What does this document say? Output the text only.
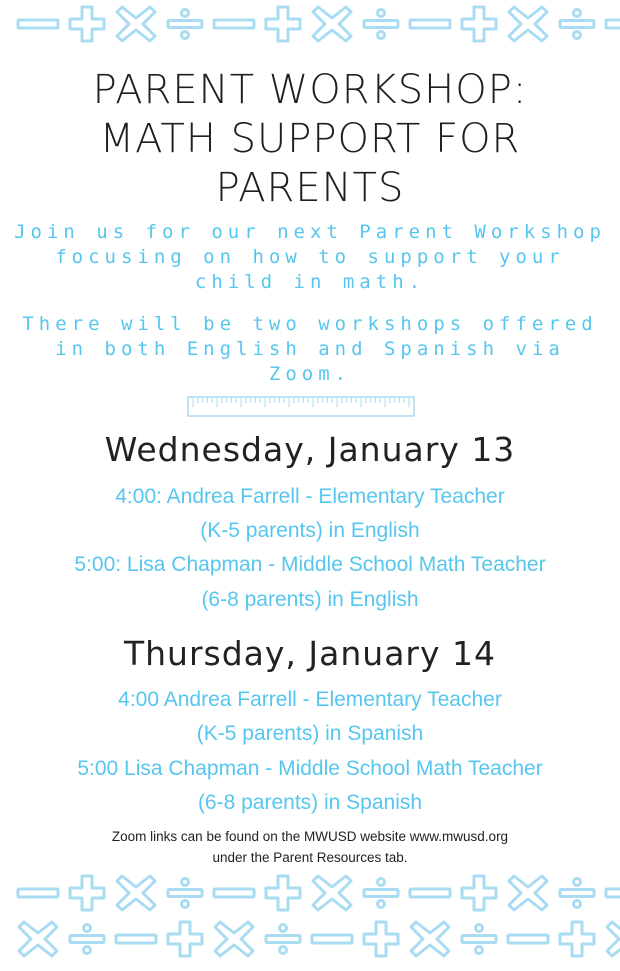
PARENT WORKSHOP:
MATH SUPPORT FOR
PARENTS
Join us for our next Parent Workshop
focusing on how to support your
child in math.
There will be two workshops offered
in both English and Spanish via
Zoom.
Wednesday, January 13
4:00: Andrea Farrell - Elementary Teacher
(K-5 parents) in English
5:00: Lisa Chapman - Middle School Math Teacher
(6-8 parents) in English
Thursday, January 14
4:00 Andrea Farrell - Elementary Teacher
(K-5 parents) in Spanish
5:00 Lisa Chapman - Middle School Math Teacher
(6-8 parents) in Spanish
Zoom links can be found on the MWUSD website www.mwusd.org
under the Parent Resources tab.
